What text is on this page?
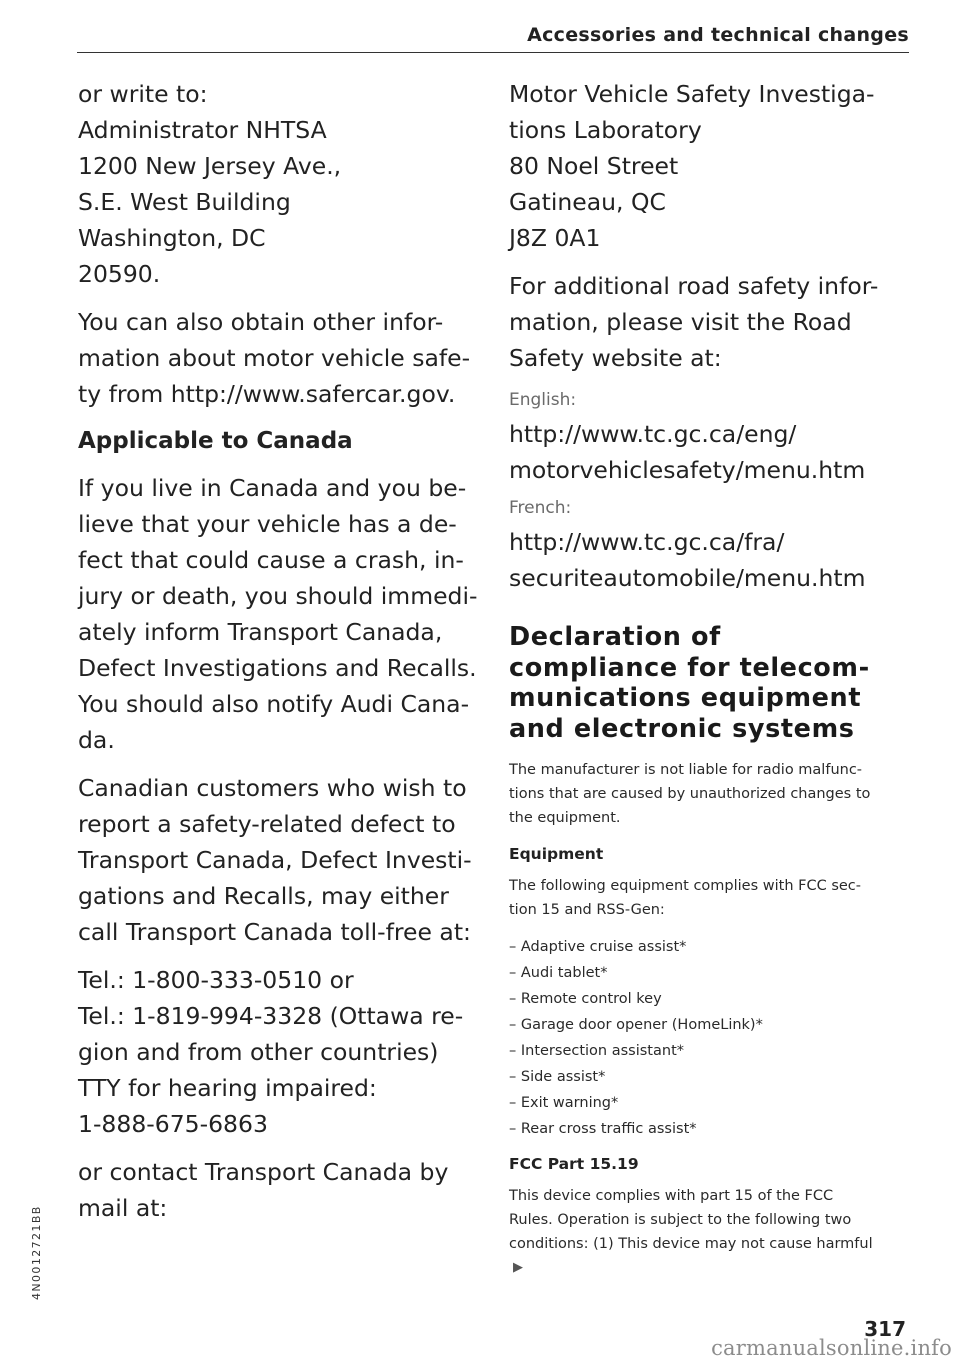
Accessories and technical changes
4N0012721BB

or write to:
Administrator NHTSA
1200 New Jersey Ave.,
S.E. West Building
Washington, DC
20590.

You can also obtain other infor-
mation about motor vehicle safe-
ty from http://www.safercar.gov.

Applicable to Canada

If you live in Canada and you be-
lieve that your vehicle has a de-
fect that could cause a crash, in-
jury or death, you should immedi-
ately inform Transport Canada,
Defect Investigations and Recalls.
You should also notify Audi Cana-
da.

Canadian customers who wish to
report a safety-related defect to
Transport Canada, Defect Investi-
gations and Recalls, may either
call Transport Canada toll-free at:

Tel.: 1-800-333-0510 or
Tel.: 1-819-994-3328 (Ottawa re-
gion and from other countries)
TTY for hearing impaired:
1-888-675-6863

or contact Transport Canada by
mail at:

Motor Vehicle Safety Investiga-
tions Laboratory
80 Noel Street
Gatineau, QC
J8Z 0A1

For additional road safety infor-
mation, please visit the Road
Safety website at:

English:

http://www.tc.gc.ca/eng/
motorvehiclesafety/menu.htm

French:

http://www.tc.gc.ca/fra/
securiteautomobile/menu.htm

Declaration of
compliance for telecom-
munications equipment
and electronic systems

The manufacturer is not liable for radio malfunc-
tions that are caused by unauthorized changes to
the equipment.

Equipment

The following equipment complies with FCC sec-
tion 15 and RSS-Gen:

– Adaptive cruise assist*
– Audi tablet*
– Remote control key
– Garage door opener (HomeLink)*
– Intersection assistant*
– Side assist*
– Exit warning*
– Rear cross traffic assist*
FCC Part 15.19

This device complies with part 15 of the FCC
Rules. Operation is subject to the following two
conditions: (1) This device may not cause harmful
▶

317
carmanualsonline.info
